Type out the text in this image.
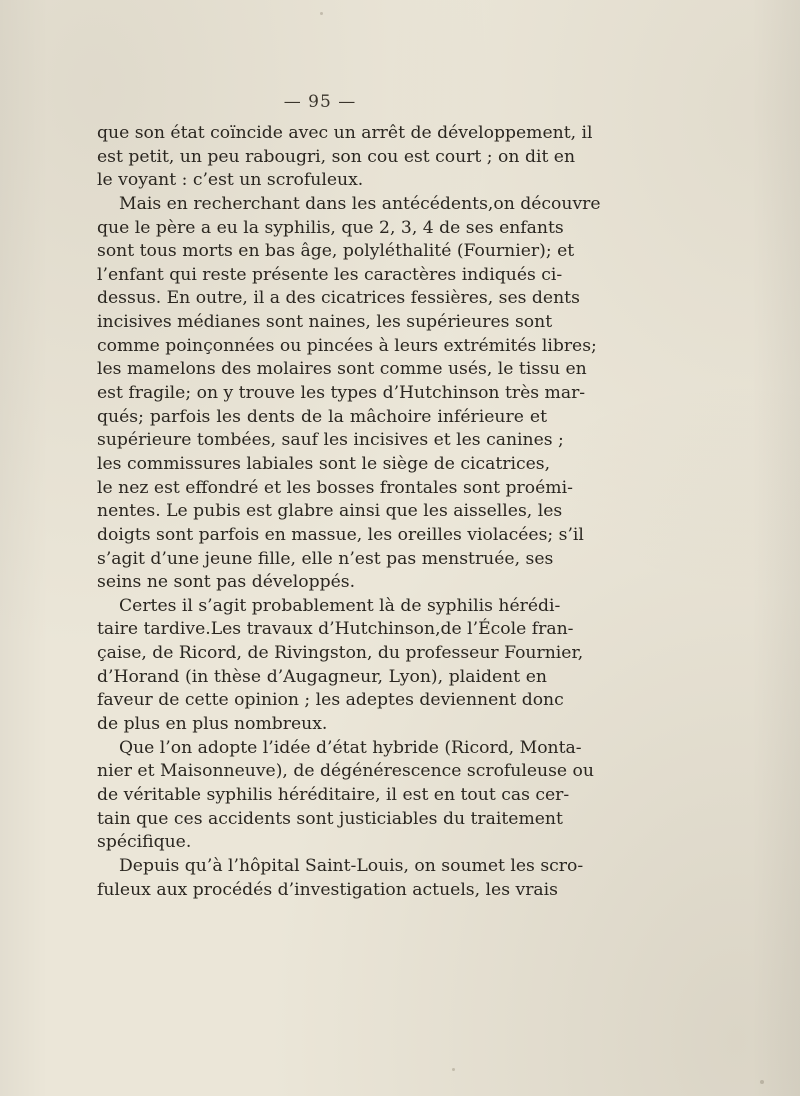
— 95 —
que son état coïncide avec un arrêt de développement, il
est petit, un peu rabougri, son cou est court ; on dit en
le voyant : c’est un scrofuleux.
Mais en recherchant dans les antécédents,on découvre
que le père a eu la syphilis, que 2, 3, 4 de ses enfants
sont tous morts en bas âge, polyléthalité (Fournier); et
l’enfant qui reste présente les caractères indiqués ci-
dessus. En outre, il a des cicatrices fessières, ses dents
incisives médianes sont naines, les supérieures sont
comme poinçonnées ou pincées à leurs extrémités libres;
les mamelons des molaires sont comme usés, le tissu en
est fragile; on y trouve les types d’Hutchinson très mar-
qués; parfois les dents de la mâchoire inférieure et
supérieure tombées, sauf les incisives et les canines ;
les commissures labiales sont le siège de cicatrices,
le nez est effondré et les bosses frontales sont proémi-
nentes. Le pubis est glabre ainsi que les aisselles, les
doigts sont parfois en massue, les oreilles violacées; s’il
s’agit d’une jeune fille, elle n’est pas menstruée, ses
seins ne sont pas développés.
Certes il s’agit probablement là de syphilis hérédi-
taire tardive.Les travaux d’Hutchinson,de l’École fran-
çaise, de Ricord, de Rivingston, du professeur Fournier,
d’Horand (in thèse d’Augagneur, Lyon), plaident en
faveur de cette opinion ; les adeptes deviennent donc
de plus en plus nombreux.
Que l’on adopte l’idée d’état hybride (Ricord, Monta-
nier et Maisonneuve), de dégénérescence scrofuleuse ou
de véritable syphilis héréditaire, il est en tout cas cer-
tain que ces accidents sont justiciables du traitement
spécifique.
Depuis qu’à l’hôpital Saint-Louis, on soumet les scro-
fuleux aux procédés d’investigation actuels, les vrais
